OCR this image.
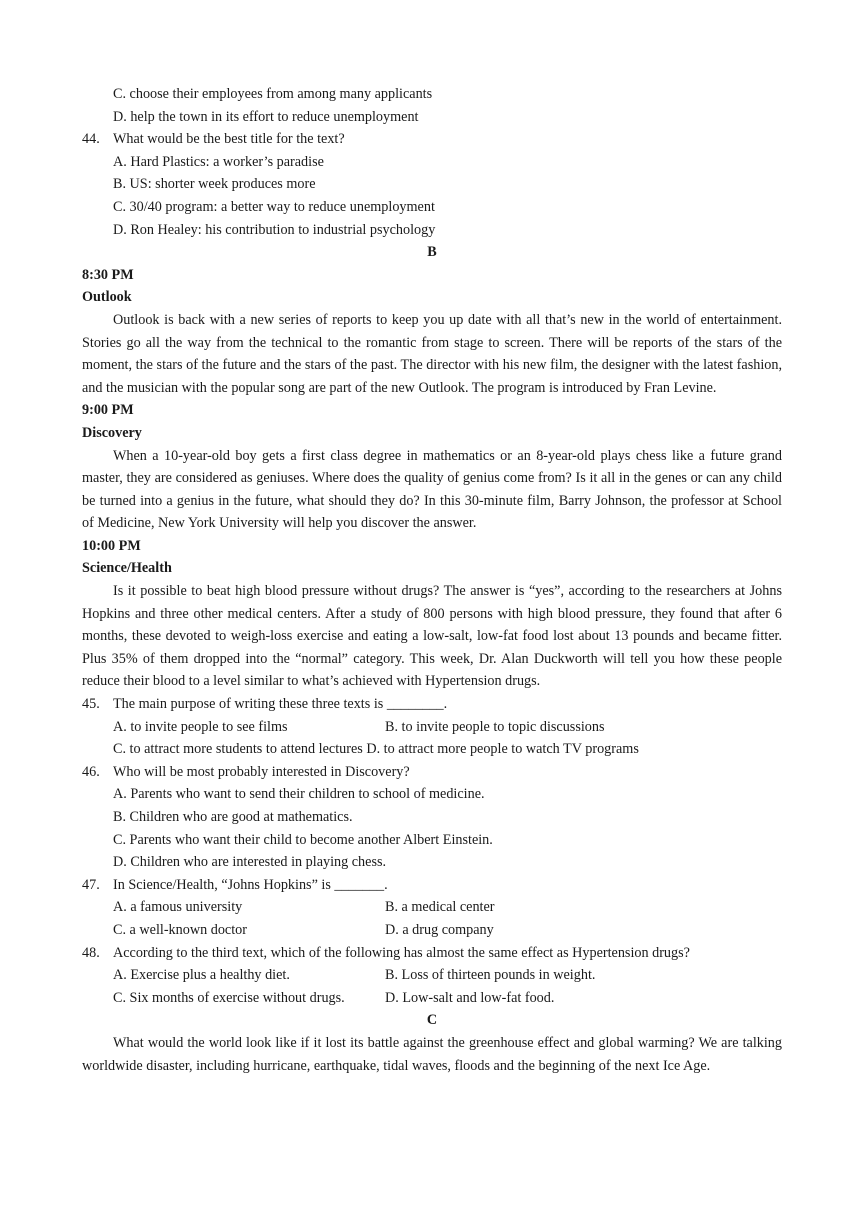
C. choose their employees from among many applicants
D. help the town in its effort to reduce unemployment
44. What would be the best title for the text?
A. Hard Plastics: a worker’s paradise
B. US: shorter week produces more
C. 30/40 program: a better way to reduce unemployment
D. Ron Healey: his contribution to industrial psychology
B
8:30 PM
Outlook

Outlook is back with a new series of reports to keep you up date with all that’s new in the world of entertainment. Stories go all the way from the technical to the romantic from stage to screen. There will be reports of the stars of the moment, the stars of the future and the stars of the past. The director with his new film, the designer with the latest fashion, and the musician with the popular song are part of the new Outlook. The program is introduced by Fran Levine.

9:00 PM
Discovery

When a 10-year-old boy gets a first class degree in mathematics or an 8-year-old plays chess like a future grand master, they are considered as geniuses. Where does the quality of genius come from? Is it all in the genes or can any child be turned into a genius in the future, what should they do? In this 30-minute film, Barry Johnson, the professor at School of Medicine, New York University will help you discover the answer.

10:00 PM
Science/Health

Is it possible to beat high blood pressure without drugs? The answer is “yes”, according to the researchers at Johns Hopkins and three other medical centers. After a study of 800 persons with high blood pressure, they found that after 6 months, these devoted to weigh-loss exercise and eating a low-salt, low-fat food lost about 13 pounds and became fitter. Plus 35% of them dropped into the “normal” category. This week, Dr. Alan Duckworth will tell you how these people reduce their blood to a level similar to what’s achieved with Hypertension drugs.

45. The main purpose of writing these three texts is ________.
A. to invite people to see films	B. to invite people to topic discussions
C. to attract more students to attend lectures D. to attract more people to watch TV programs
46. Who will be most probably interested in Discovery?
A. Parents who want to send their children to school of medicine.
B. Children who are good at mathematics.
C. Parents who want their child to become another Albert Einstein.
D. Children who are interested in playing chess.
47. In Science/Health, “Johns Hopkins” is _______.
A. a famous university	B. a medical center
C. a well-known doctor	D. a drug company
48. According to the third text, which of the following has almost the same effect as Hypertension drugs?
A. Exercise plus a healthy diet.	B. Loss of thirteen pounds in weight.
C. Six months of exercise without drugs.	D. Low-salt and low-fat food.
C

What would the world look like if it lost its battle against the greenhouse effect and global warming? We are talking worldwide disaster, including hurricane, earthquake, tidal waves, floods and the beginning of the next Ice Age.
